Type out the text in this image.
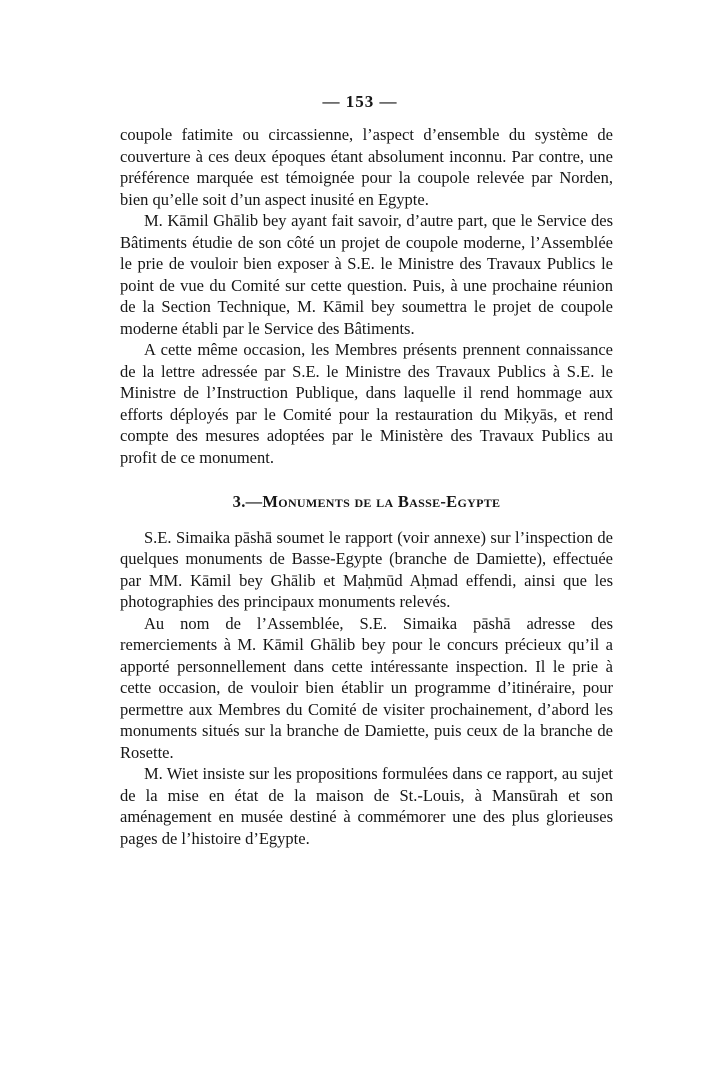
— 153 —

coupole fatimite ou circassienne, l’aspect d’ensemble du système de couverture à ces deux époques étant absolument inconnu. Par contre, une préférence marquée est témoignée pour la coupole relevée par Norden, bien qu’elle soit d’un aspect inusité en Egypte.

M. Kāmil Ghālib bey ayant fait savoir, d’autre part, que le Service des Bâtiments étudie de son côté un projet de coupole moderne, l’Assemblée le prie de vouloir bien exposer à S.E. le Ministre des Travaux Publics le point de vue du Comité sur cette question. Puis, à une prochaine réunion de la Section Technique, M. Kāmil bey soumettra le projet de coupole moderne établi par le Service des Bâtiments.

A cette même occasion, les Membres présents prennent connaissance de la lettre adressée par S.E. le Ministre des Travaux Publics à S.E. le Ministre de l’Instruction Publique, dans laquelle il rend hommage aux efforts déployés par le Comité pour la restauration du Miḳyās, et rend compte des mesures adoptées par le Ministère des Travaux Publics au profit de ce monument.

3.—Monuments de la Basse-Egypte

S.E. Simaika pāshā soumet le rapport (voir annexe) sur l’inspection de quelques monuments de Basse-Egypte (branche de Damiette), effectuée par MM. Kāmil bey Ghālib et Maḥmūd Aḥmad effendi, ainsi que les photographies des principaux monuments relevés.

Au nom de l’Assemblée, S.E. Simaika pāshā adresse des remerciements à M. Kāmil Ghālib bey pour le concurs précieux qu’il a apporté personnellement dans cette intéressante inspection. Il le prie à cette occasion, de vouloir bien établir un programme d’itinéraire, pour permettre aux Membres du Comité de visiter prochainement, d’abord les monuments situés sur la branche de Damiette, puis ceux de la branche de Rosette.

M. Wiet insiste sur les propositions formulées dans ce rapport, au sujet de la mise en état de la maison de St.-Louis, à Mansūrah et son aménagement en musée destiné à commémorer une des plus glorieuses pages de l’histoire d’Egypte.
